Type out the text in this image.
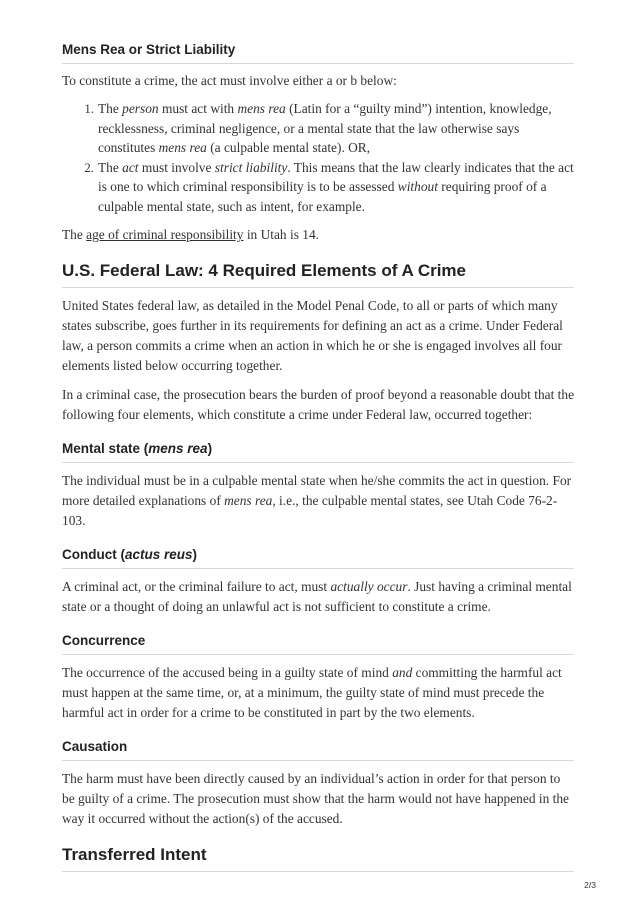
Mens Rea or Strict Liability

To constitute a crime, the act must involve either a or b below:

1. The person must act with mens rea (Latin for a “guilty mind”) intention, knowledge, recklessness, criminal negligence, or a mental state that the law otherwise says constitutes mens rea (a culpable mental state). OR,
2. The act must involve strict liability. This means that the law clearly indicates that the act is one to which criminal responsibility is to be assessed without requiring proof of a culpable mental state, such as intent, for example.

The age of criminal responsibility in Utah is 14.

U.S. Federal Law: 4 Required Elements of A Crime

United States federal law, as detailed in the Model Penal Code, to all or parts of which many states subscribe, goes further in its requirements for defining an act as a crime. Under Federal law, a person commits a crime when an action in which he or she is engaged involves all four elements listed below occurring together.

In a criminal case, the prosecution bears the burden of proof beyond a reasonable doubt that the following four elements, which constitute a crime under Federal law, occurred together:

Mental state (mens rea)

The individual must be in a culpable mental state when he/she commits the act in question. For more detailed explanations of mens rea, i.e., the culpable mental states, see Utah Code 76-2-103.

Conduct (actus reus)

A criminal act, or the criminal failure to act, must actually occur. Just having a criminal mental state or a thought of doing an unlawful act is not sufficient to constitute a crime.

Concurrence

The occurrence of the accused being in a guilty state of mind and committing the harmful act must happen at the same time, or, at a minimum, the guilty state of mind must precede the harmful act in order for a crime to be constituted in part by the two elements.

Causation

The harm must have been directly caused by an individual’s action in order for that person to be guilty of a crime. The prosecution must show that the harm would not have happened in the way it occurred without the action(s) of the accused.

Transferred Intent
2/3
